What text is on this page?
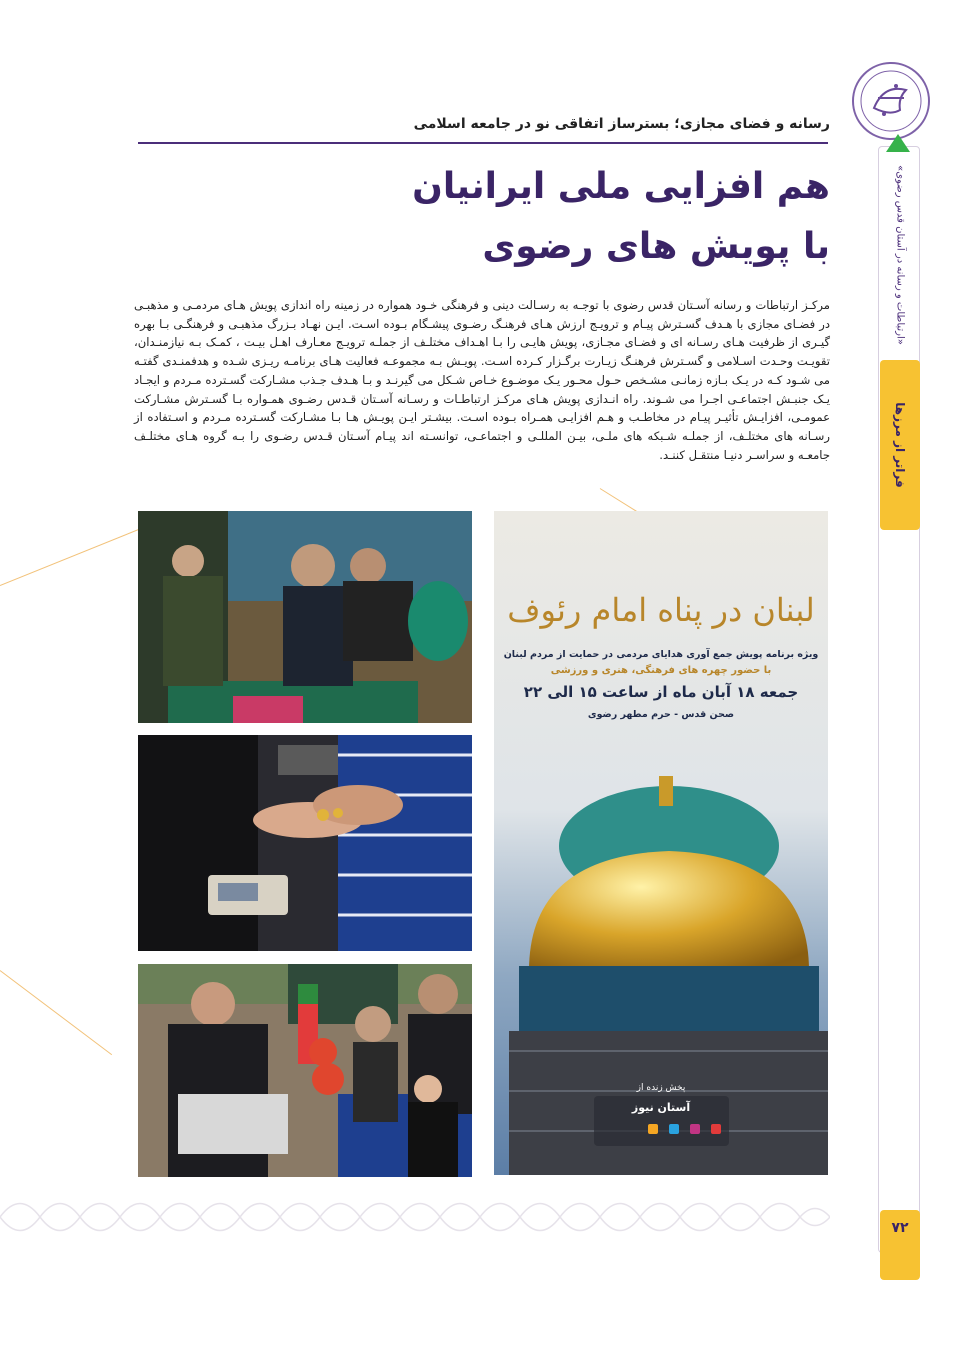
«ارتباطات و رسانه در آستان قدس رضوی»
فراتر از مرزها
۷۲
رسانه و فضای مجازی؛ بسترساز اتفاقی نو در جامعه اسلامی
هم افزایی ملی ایرانیان
با پویش های رضوی
مرکـز ارتباطات و رسانه آسـتان قدس رضوی با توجـه به رسـالت دینی و فرهنگی خـود همواره در زمینه راه اندازی پویش هـای مردمـی و مذهبـی در فضـای مجازی با هـدف گسـترش پیـام و ترویـج ارزش هـای فرهنـگ رضـوی پیشـگام بـوده اسـت. ایـن نهـاد بـزرگ مذهبـی و فرهنگـی بـا بهره گیـری از ظرفیت هـای رسـانه ای و فضـای مجـازی، پویش هایـی را بـا اهـداف مختلـف از جملـه ترویـج معـارف اهـل بیـت ، کمـک بـه نیازمنـدان، تقویـت وحـدت اسـلامی و گسـترش فرهنـگ زیـارت برگـزار کـرده اسـت. پویـش بـه مجموعـه فعالیت هـای برنامـه ریـزی شـده و هدفمنـدی گفتـه می شـود کـه در یـک بـازه زمانـی مشـخص حـول محـور یـک موضـوع خـاص شـکل می گیرنـد و بـا هـدف جـذب مشـارکت گسـترده مـردم و ایجـاد یـک جنبـش اجتماعـی اجـرا می شـوند. راه انـدازی پویش هـای مرکـز ارتباطـات و رسـانه آسـتان قـدس رضـوی همـواره بـا گسـترش مشـارکت عمومـی، افزایـش تأثیـر پیـام در مخاطـب و هـم افزایـی همـراه بـوده اسـت. بیشـتر ایـن پویـش هـا بـا مشـارکت گسـترده مـردم و اسـتفاده از رسـانه های مختلـف، از جملـه شـبکه های ملـی، بیـن المللـی و اجتماعـی، توانسـته اند پیـام آسـتان قـدس رضـوی را بـه گروه هـای مختلـف جامعـه و سراسـر دنیـا منتقـل کننـد.
لبنان در پناه امام رئوف
ویژه برنامه پویش جمع آوری هدایای مردمی در حمایت از مردم لبنان
با حضور چهره های فرهنگی، هنری و ورزشی
جمعه ۱۸ آبان ماه از ساعت ۱۵ الی ۲۲
صحن قدس - حرم مطهر رضوی
پخش زنده از
آستان نیوز
